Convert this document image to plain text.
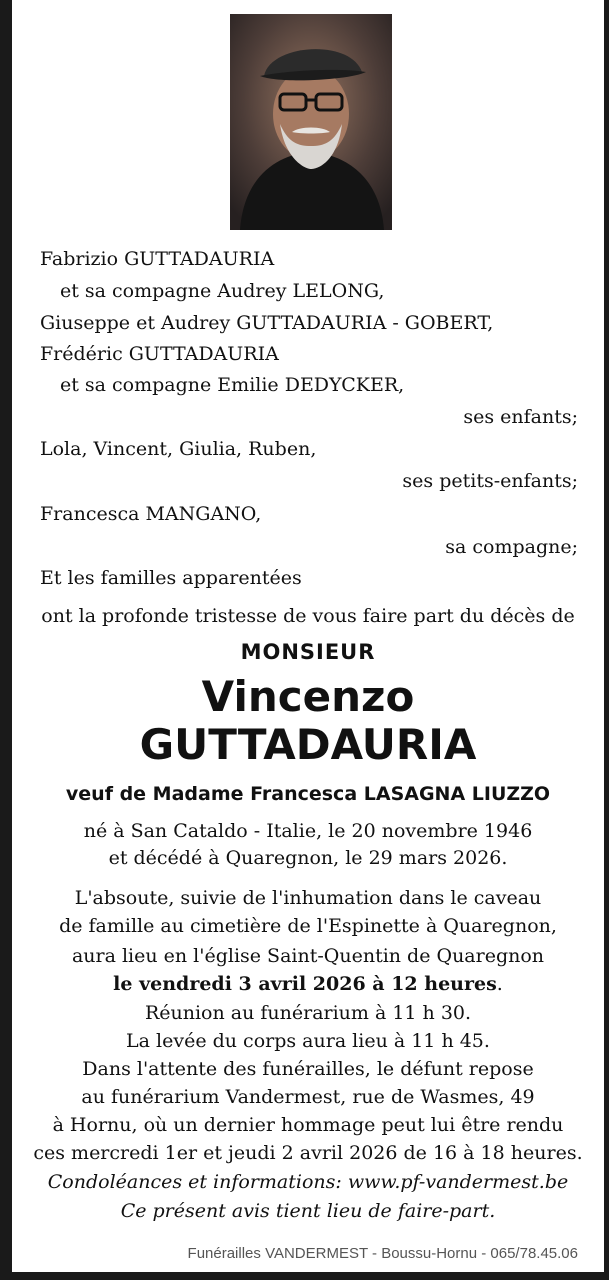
Fabrizio GUTTADAURIA
et sa compagne Audrey LELONG,
Giuseppe et Audrey GUTTADAURIA - GOBERT,
Frédéric GUTTADAURIA
et sa compagne Emilie DEDYCKER,
ses enfants;
Lola, Vincent, Giulia, Ruben,
ses petits-enfants;
Francesca MANGANO,
sa compagne;
Et les familles apparentées
ont la profonde tristesse de vous faire part du décès de
MONSIEUR
Vincenzo
GUTTADAURIA
veuf de Madame Francesca LASAGNA LIUZZO
né à San Cataldo - Italie, le 20 novembre 1946
et décédé à Quaregnon, le 29 mars 2026.
L'absoute, suivie de l'inhumation dans le caveau
de famille au cimetière de l'Espinette à Quaregnon,
aura lieu en l'église Saint-Quentin de Quaregnon
le vendredi 3 avril 2026 à 12 heures.
Réunion au funérarium à 11 h 30.
La levée du corps aura lieu à 11 h 45.
Dans l'attente des funérailles, le défunt repose
au funérarium Vandermest, rue de Wasmes, 49
à Hornu, où un dernier hommage peut lui être rendu
ces mercredi 1er et jeudi 2 avril 2026 de 16 à 18 heures.
Condoléances et informations: www.pf-vandermest.be
Ce présent avis tient lieu de faire-part.
Funérailles VANDERMEST - Boussu-Hornu - 065/78.45.06
